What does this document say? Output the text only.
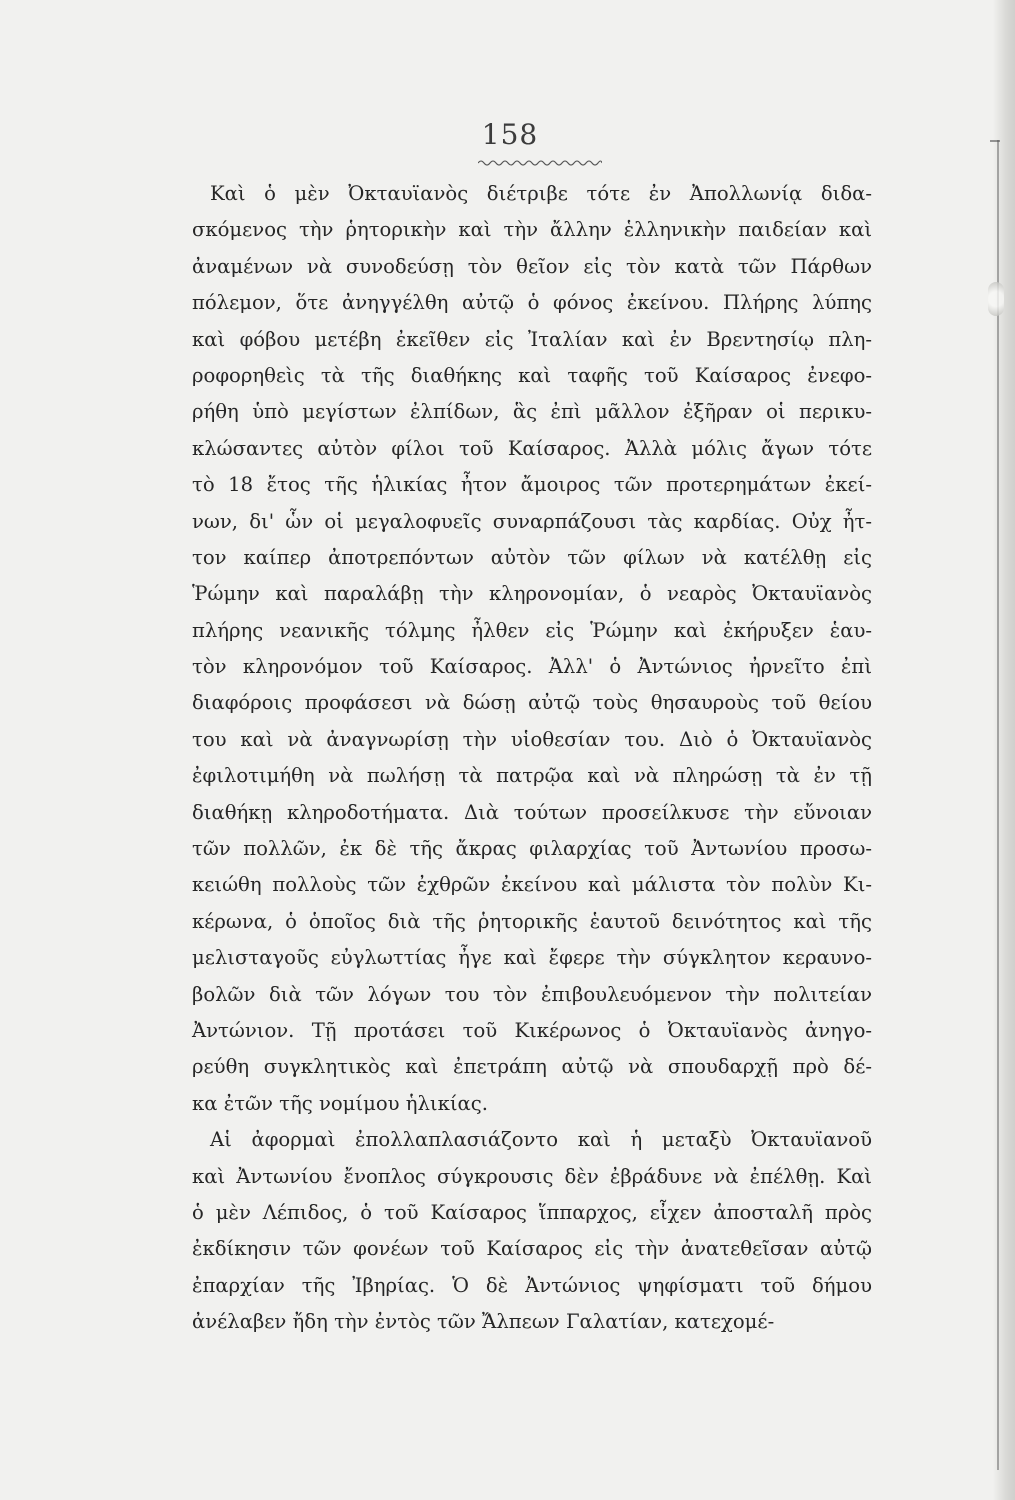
158
Καὶ ὁ μὲν Ὀκταυϊανὸς διέτριβε τότε ἐν Ἀπολλωνίᾳ διδα-
σκόμενος τὴν ῥητορικὴν καὶ τὴν ἄλλην ἑλληνικὴν παιδείαν καὶ
ἀναμένων νὰ συνοδεύσῃ τὸν θεῖον εἰς τὸν κατὰ τῶν Πάρθων
πόλεμον, ὅτε ἀνηγγέλθη αὐτῷ ὁ φόνος ἐκείνου. Πλήρης λύπης
καὶ φόβου μετέβη ἐκεῖθεν εἰς Ἰταλίαν καὶ ἐν Βρεντησίῳ πλη-
ροφορηθεὶς τὰ τῆς διαθήκης καὶ ταφῆς τοῦ Καίσαρος ἐνεφο-
ρήθη ὑπὸ μεγίστων ἐλπίδων, ἃς ἐπὶ μᾶλλον ἐξῆραν οἱ περικυ-
κλώσαντες αὐτὸν φίλοι τοῦ Καίσαρος. Ἀλλὰ μόλις ἄγων τότε
τὸ 18 ἔτος τῆς ἡλικίας ἦτον ἄμοιρος τῶν προτερημάτων ἐκεί-
νων, δι' ὧν οἱ μεγαλοφυεῖς συναρπάζουσι τὰς καρδίας. Οὐχ ἦτ-
τον καίπερ ἀποτρεπόντων αὐτὸν τῶν φίλων νὰ κατέλθῃ εἰς
Ῥώμην καὶ παραλάβῃ τὴν κληρονομίαν, ὁ νεαρὸς Ὀκταυϊανὸς
πλήρης νεανικῆς τόλμης ἦλθεν εἰς Ῥώμην καὶ ἐκήρυξεν ἑαυ-
τὸν κληρονόμον τοῦ Καίσαρος. Ἀλλ' ὁ Ἀντώνιος ἠρνεῖτο ἐπὶ
διαφόροις προφάσεσι νὰ δώσῃ αὐτῷ τοὺς θησαυροὺς τοῦ θείου
του καὶ νὰ ἀναγνωρίσῃ τὴν υἱοθεσίαν του. Διὸ ὁ Ὀκταυϊανὸς
ἐφιλοτιμήθη νὰ πωλήσῃ τὰ πατρῷα καὶ νὰ πληρώσῃ τὰ ἐν τῇ
διαθήκῃ κληροδοτήματα. Διὰ τούτων προσείλκυσε τὴν εὔνοιαν
τῶν πολλῶν, ἐκ δὲ τῆς ἄκρας φιλαρχίας τοῦ Ἀντωνίου προσω-
κειώθη πολλοὺς τῶν ἐχθρῶν ἐκείνου καὶ μάλιστα τὸν πολὺν Κι-
κέρωνα, ὁ ὁποῖος διὰ τῆς ῥητορικῆς ἑαυτοῦ δεινότητος καὶ τῆς
μελισταγοῦς εὐγλωττίας ἦγε καὶ ἔφερε τὴν σύγκλητον κεραυνο-
βολῶν διὰ τῶν λόγων του τὸν ἐπιβουλευόμενον τὴν πολιτείαν
Ἀντώνιον. Τῇ προτάσει τοῦ Κικέρωνος ὁ Ὀκταυϊανὸς ἀνηγο-
ρεύθη συγκλητικὸς καὶ ἐπετράπη αὐτῷ νὰ σπουδαρχῇ πρὸ δέ-
κα ἐτῶν τῆς νομίμου ἡλικίας.
Αἱ ἀφορμαὶ ἐπολλαπλασιάζοντο καὶ ἡ μεταξὺ Ὀκταυϊανοῦ
καὶ Ἀντωνίου ἔνοπλος σύγκρουσις δὲν ἐβράδυνε νὰ ἐπέλθῃ. Καὶ
ὁ μὲν Λέπιδος, ὁ τοῦ Καίσαρος ἵππαρχος, εἶχεν ἀποσταλῆ πρὸς
ἐκδίκησιν τῶν φονέων τοῦ Καίσαρος εἰς τὴν ἀνατεθεῖσαν αὐτῷ
ἐπαρχίαν τῆς Ἰβηρίας. Ὁ δὲ Ἀντώνιος ψηφίσματι τοῦ δήμου
ἀνέλαβεν ἤδη τὴν ἐντὸς τῶν Ἄλπεων Γαλατίαν, κατεχομέ-
